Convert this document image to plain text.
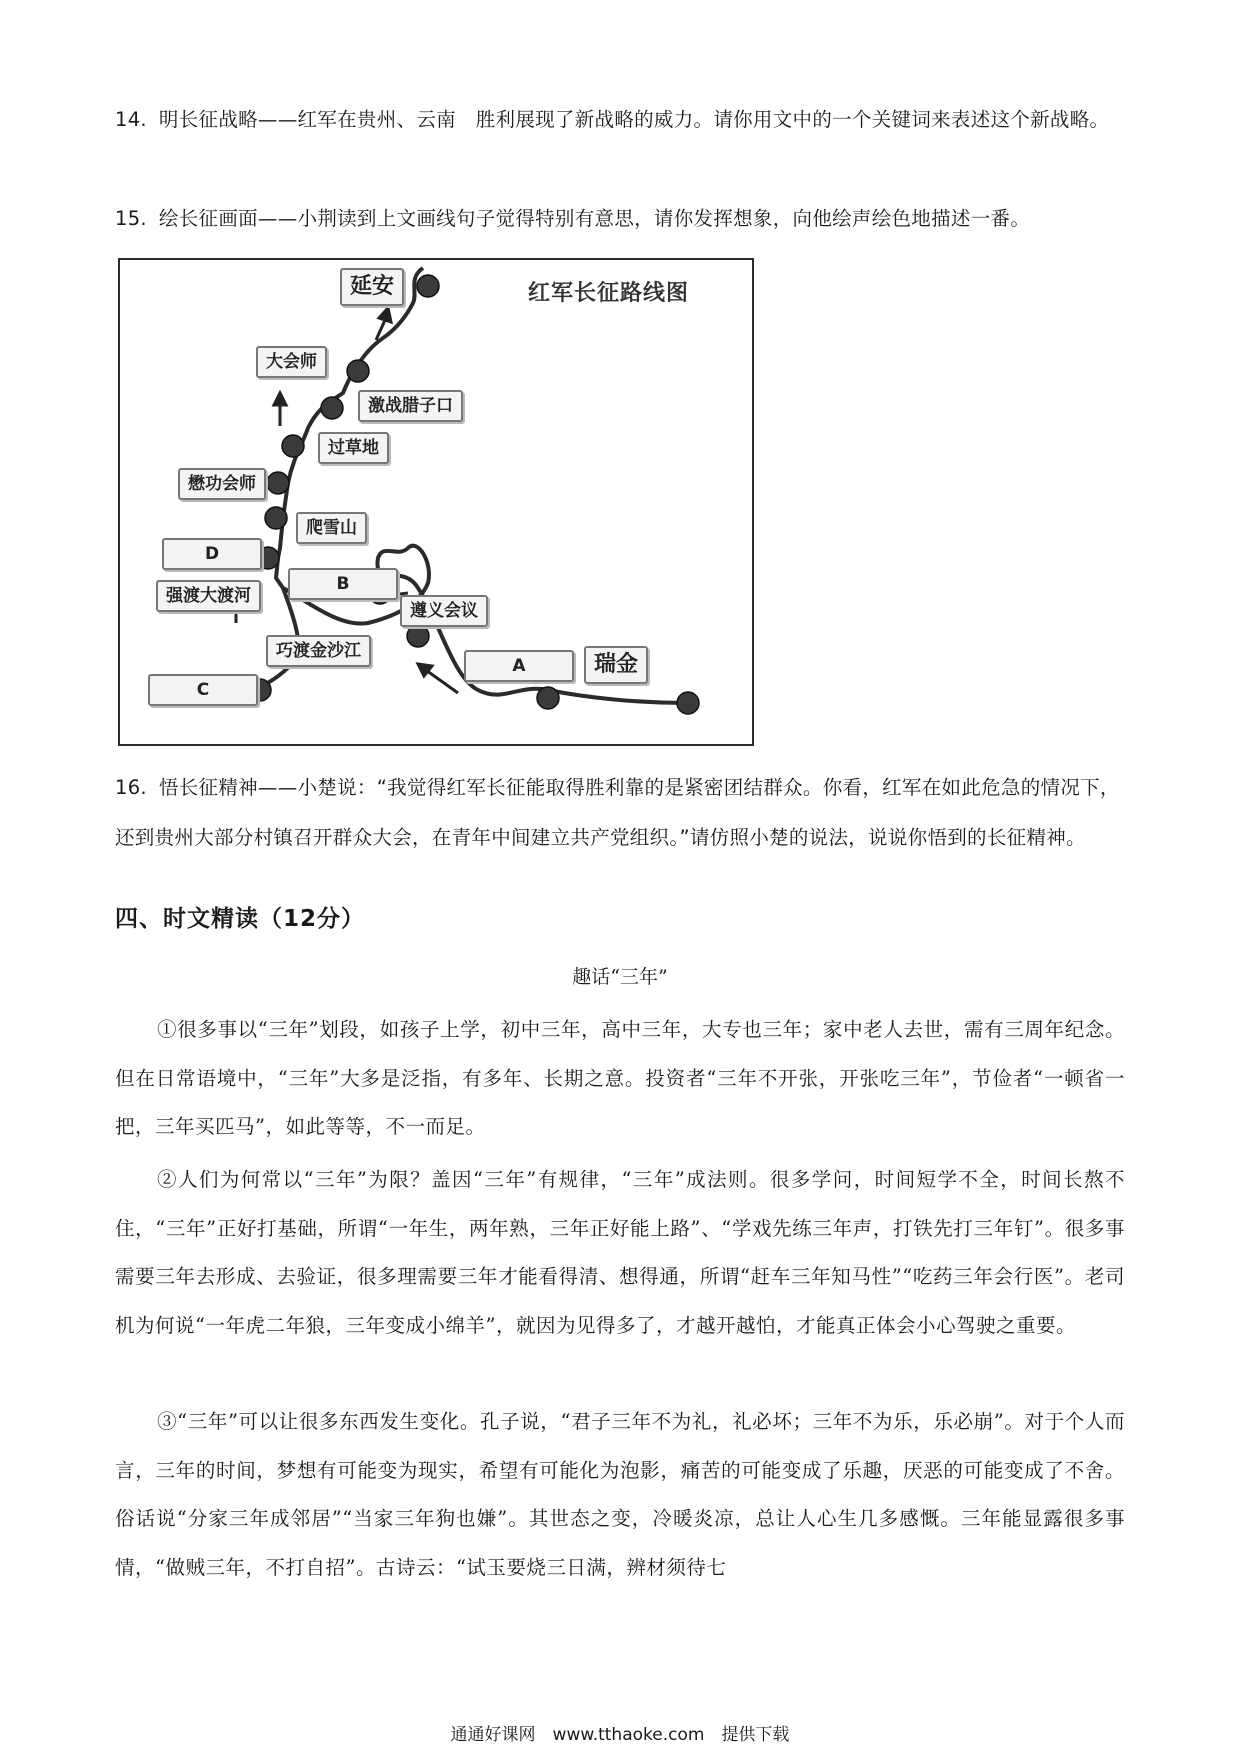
14. 明长征战略——红军在贵州、云南　胜利展现了新战略的威力。请你用文中的一个关键词来表述这个新战略。
15. 绘长征画面——小荆读到上文画线句子觉得特别有意思，请你发挥想象，向他绘声绘色地描述一番。
红军长征路线图
延安
大会师
激战腊子口
过草地
懋功会师
爬雪山
D
强渡大渡河
B
遵义会议
巧渡金沙江
A	瑞金
C
16. 悟长征精神——小楚说：“我觉得红军长征能取得胜利靠的是紧密团结群众。你看，红军在如此危急的情况下，还到贵州大部分村镇召开群众大会，在青年中间建立共产党组织。”请仿照小楚的说法，说说你悟到的长征精神。
四、时文精读（12分）
趣话“三年”
①很多事以“三年”划段，如孩子上学，初中三年，高中三年，大专也三年；家中老人去世，需有三周年纪念。但在日常语境中，“三年”大多是泛指，有多年、长期之意。投资者“三年不开张，开张吃三年”，节俭者“一顿省一把，三年买匹马”，如此等等，不一而足。
②人们为何常以“三年”为限？盖因“三年”有规律，“三年”成法则。很多学问，时间短学不全，时间长熬不住，“三年”正好打基础，所谓“一年生，两年熟，三年正好能上路”、“学戏先练三年声，打铁先打三年钉”。很多事需要三年去形成、去验证，很多理需要三年才能看得清、想得通，所谓“赶车三年知马性”“吃药三年会行医”。老司机为何说“一年虎二年狼，三年变成小绵羊”，就因为见得多了，才越开越怕，才能真正体会小心驾驶之重要。
③“三年”可以让很多东西发生变化。孔子说，“君子三年不为礼，礼必坏；三年不为乐，乐必崩”。对于个人而言，三年的时间，梦想有可能变为现实，希望有可能化为泡影，痛苦的可能变成了乐趣，厌恶的可能变成了不舍。俗话说“分家三年成邻居”“当家三年狗也嫌”。其世态之变，冷暖炎凉，总让人心生几多感慨。三年能显露很多事情，“做贼三年，不打自招”。古诗云：“试玉要烧三日满，辨材须待七
通通好课网　www.tthaoke.com　提供下载
